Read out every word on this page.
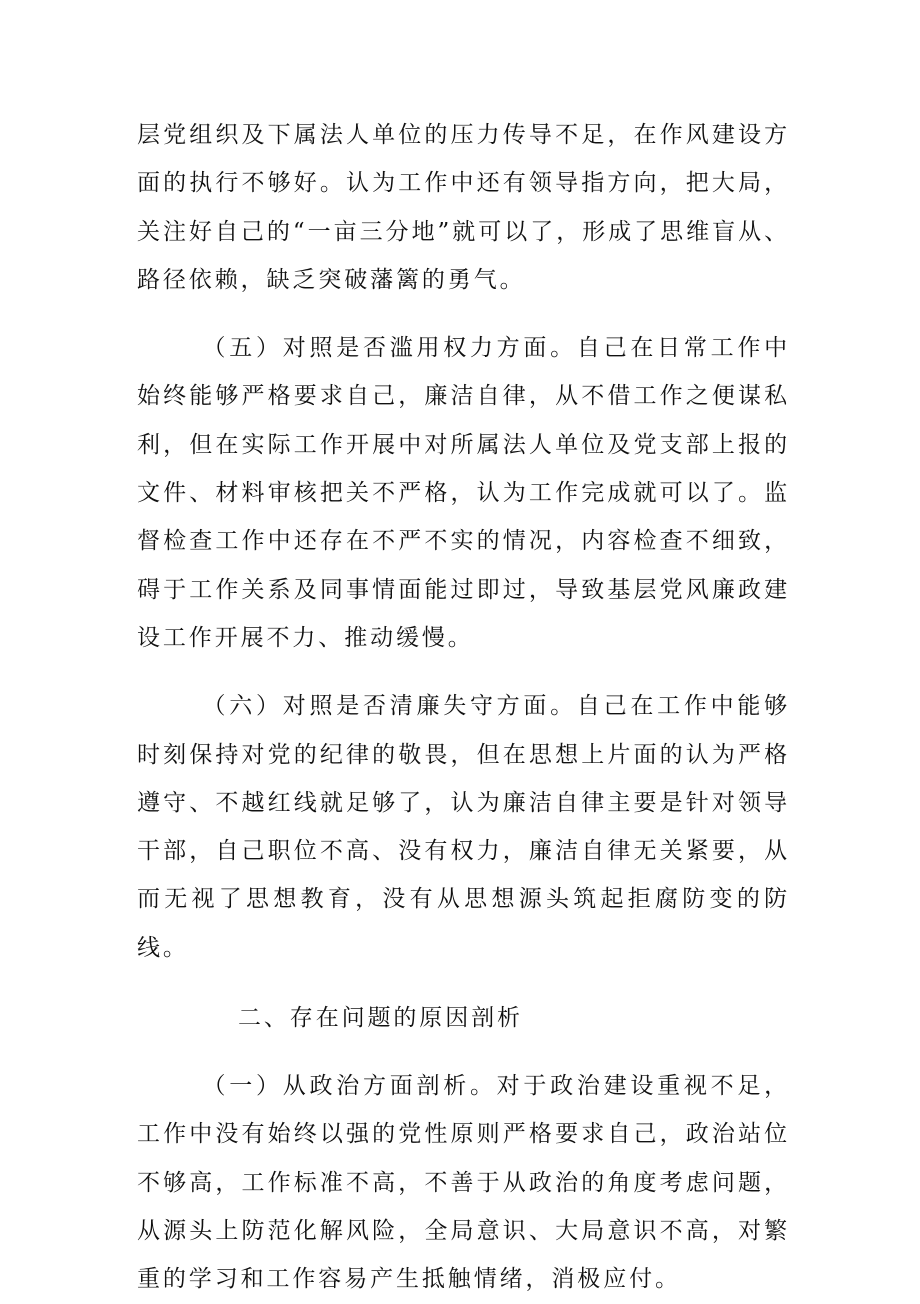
层党组织及下属法人单位的压力传导不足，在作风建设方面的执行不够好。认为工作中还有领导指方向，把大局，关注好自己的“一亩三分地”就可以了，形成了思维盲从、路径依赖，缺乏突破藩篱的勇气。

（五）对照是否滥用权力方面。自己在日常工作中始终能够严格要求自己，廉洁自律，从不借工作之便谋私利，但在实际工作开展中对所属法人单位及党支部上报的文件、材料审核把关不严格，认为工作完成就可以了。监督检查工作中还存在不严不实的情况，内容检查不细致，碍于工作关系及同事情面能过即过，导致基层党风廉政建设工作开展不力、推动缓慢。

（六）对照是否清廉失守方面。自己在工作中能够时刻保持对党的纪律的敬畏，但在思想上片面的认为严格遵守、不越红线就足够了，认为廉洁自律主要是针对领导干部，自己职位不高、没有权力，廉洁自律无关紧要，从而无视了思想教育，没有从思想源头筑起拒腐防变的防线。

二、存在问题的原因剖析

（一）从政治方面剖析。对于政治建设重视不足，工作中没有始终以强的党性原则严格要求自己，政治站位不够高，工作标准不高，不善于从政治的角度考虑问题，从源头上防范化解风险，全局意识、大局意识不高，对繁重的学习和工作容易产生抵触情绪，消极应付。
